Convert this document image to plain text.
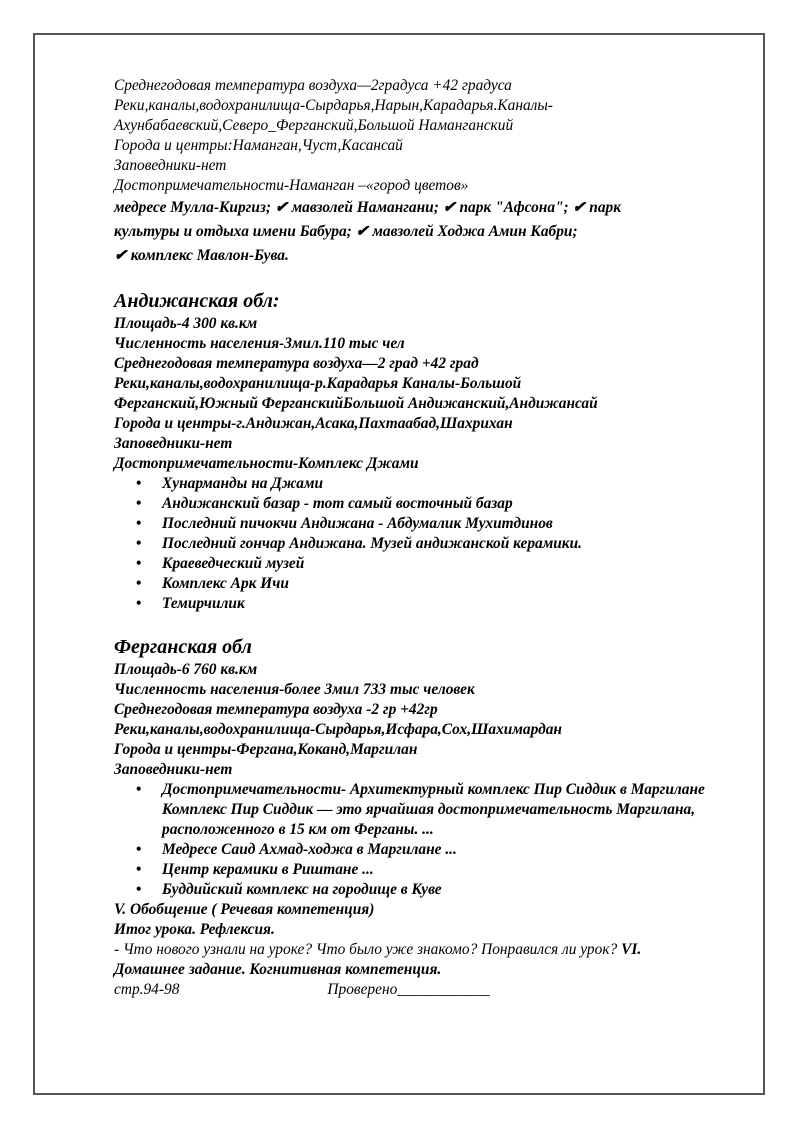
Среднегодовая температура воздуха—2градуса +42 градуса
Реки,каналы,водохранилища-Сырдарья,Нарын,Карадарья.Каналы-
Ахунбабаевский,Северо_Ферганский,Большой Наманганский
Города и центры:Наманган,Чуст,Касансай
Заповедники-нет
Достопримечательности-Наманган –«город цветов»
медресе Мулла-Киргиз; ✔ мавзолей Намангани; ✔ парк "Афсона"; ✔ парк
культуры и отдыха имени Бабура; ✔ мавзолей Ходжа Амин Кабри;
✔ комплекс Мавлон-Бува.
Андижанская обл:
Площадь-4 300 кв.км
Численность населения-3мил.110 тыс чел
Среднегодовая температура воздуха—2 град +42 град
Реки,каналы,водохранилища-р.Карадарья Каналы-Большой
Ферганский,Южный ФерганскийБольшой Андижанский,Андижансай
Города и центры-г.Андижан,Асака,Пахтаабад,Шахрихан
Заповедники-нет
Достопримечательности-Комплекс Джами
• Хунарманды на Джами
• Андижанский базар - тот самый восточный базар
• Последний пичокчи Андижана - Абдумалик Мухитдинов
• Последний гончар Андижана. Музей андижанской керамики.
• Краеведческий музей
• Комплекс Арк Ичи
• Темирчилик
Ферганская обл
Площадь-6 760 кв.км
Численность населения-более 3мил 733 тыс человек
Среднегодовая температура воздуха -2 гр +42гр
Реки,каналы,водохранилища-Сырдарья,Исфара,Сох,Шахимардан
Города и центры-Фергана,Коканд,Маргилан
Заповедники-нет
• Достопримечательности- Архитектурный комплекс Пир Сиддик в Маргилане Комплекс Пир Сиддик — это ярчайшая достопримечательность Маргилана, расположенного в 15 км от Ферганы. ...
• Медресе Саид Ахмад-ходжа в Маргилане ...
• Центр керамики в Риштане ...
• Буддийский комплекс на городище в Куве
V. Обобщение ( Речевая компетенция)
Итог урока. Рефлексия.
- Что нового узнали на уроке? Что было уже знакомо? Понравился ли урок? VI.
Домашнее задание. Когнитивная компетенция.
стр.94-98	Проверено____________
